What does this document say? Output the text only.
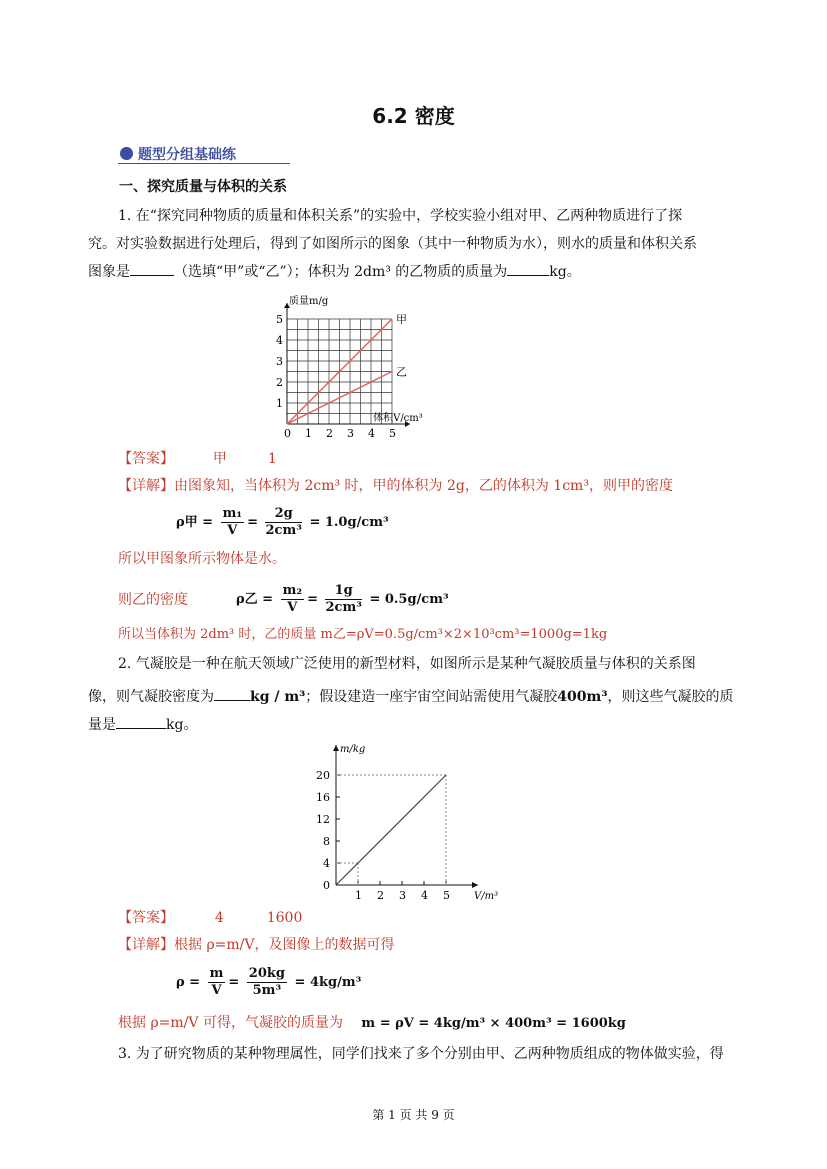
6.2 密度
题型分组基础练
一、探究质量与体积的关系
1. 在“探究同种物质的质量和体积关系”的实验中，学校实验小组对甲、乙两种物质进行了探
究。对实验数据进行处理后，得到了如图所示的图象（其中一种物质为水），则水的质量和体积关系
图象是	（选填“甲”或“乙”）；体积为 2dm³ 的乙物质的质量为	kg。
甲
乙
0 1 2 3 4 5
1
2
3
4
5
质量m/g
体积V/cm³
【答案】	甲	1
【详解】由图象知，当体积为 2cm³ 时，甲的体积为 2g，乙的体积为 1cm³，则甲的密度
ρ甲 = $\frac{\text{m₁}}{V} = \frac{2g}{\text{2cm³}} = 1.0g/cm^3$
所以甲图象所示物体是水。
则乙的密度	ρ乙 = $\frac{\text{m₂}}{V} = \frac{1g}{\text{2cm³}} = 0.5g/cm^3$
所以当体积为 2dm³ 时，乙的质量 m乙=ρV=0.5g/cm³×2×10³cm³=1000g=1kg
2. 气凝胶是一种在航天领域广泛使用的新型材料，如图所示是某种气凝胶质量与体积的关系图
像，则气凝胶密度为	kg / m³；假设建造一座宇宙空间站需使用气凝胶400m³，则这些气凝胶的质
量是	kg。
1 2 3 4 5
0
4
8
12
16
20
m/kg
V/m³
【答案】	4	1600
【详解】根据 ρ=m/V，及图像上的数据可得
$\rho = \frac{m}{V} = \frac{20kg}{\text{5m³}} = 4kg/m^3$
根据 ρ=m/V 可得，气凝胶的质量为 m = ρV = 4kg/m³ × 400m³ = 1600kg
3. 为了研究物质的某种物理属性，同学们找来了多个分别由甲、乙两种物质组成的物体做实验，得
第 1 页 共 9 页
